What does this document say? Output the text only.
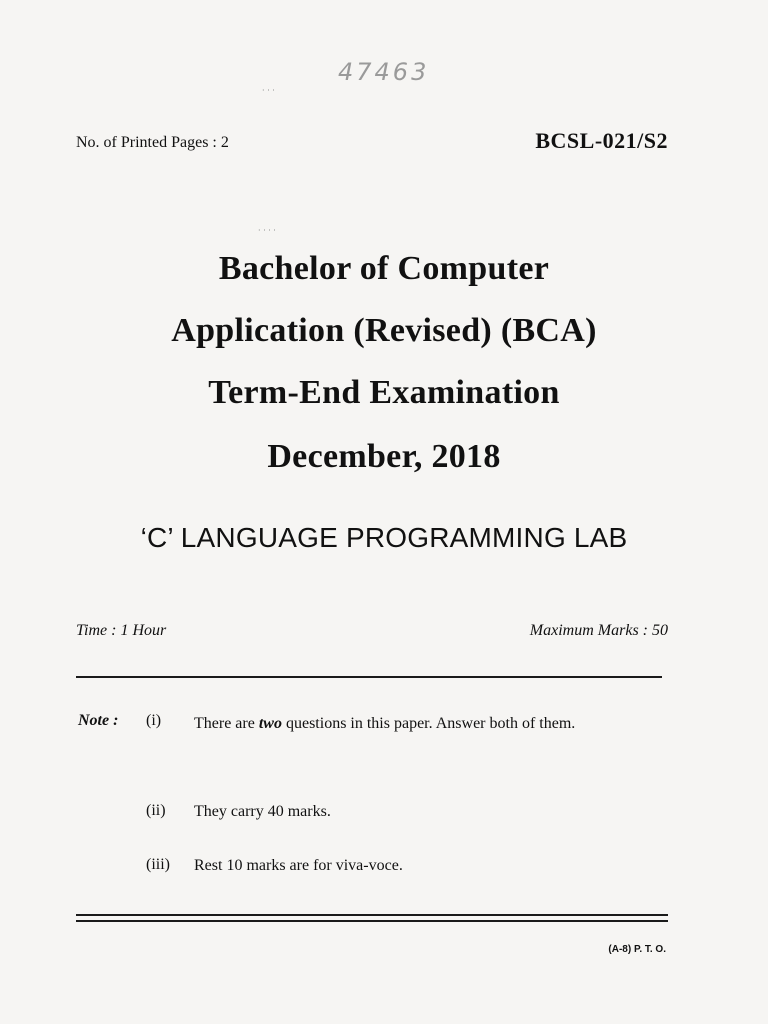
47463
· · ·
· · · ·
No. of Printed Pages : 2	BCSL-021/S2
Bachelor of Computer
Application (Revised) (BCA)
Term-End Examination
December, 2018
‘C’ LANGUAGE PROGRAMMING LAB
Time : 1 Hour	Maximum Marks : 50
Note : (i) There are two questions in this paper. Answer both of them.
(ii) They carry 40 marks.
(iii) Rest 10 marks are for viva-voce.
(A-8) P. T. O.
